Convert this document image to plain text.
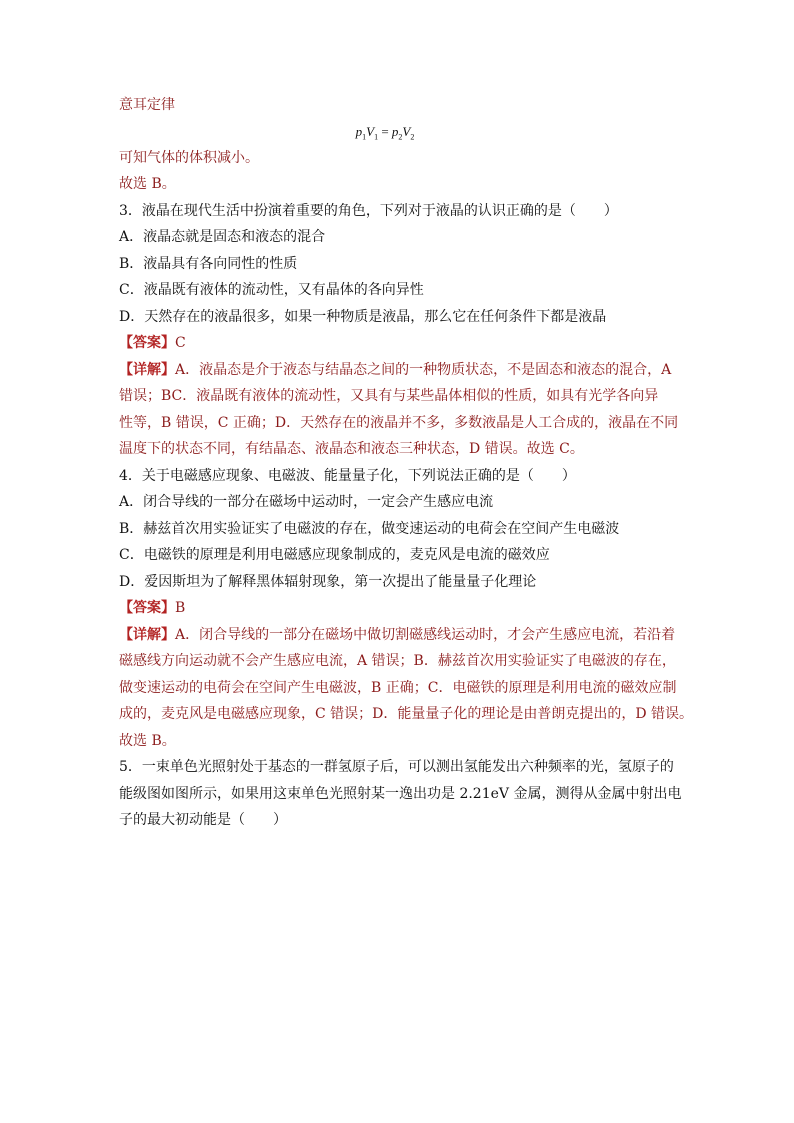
意耳定律
$p_1V_1 = p_2V_2$
可知气体的体积减小。
故选 B。
3．液晶在现代生活中扮演着重要的角色，下列对于液晶的认识正确的是（　　）
A．液晶态就是固态和液态的混合
B．液晶具有各向同性的性质
C．液晶既有液体的流动性，又有晶体的各向异性
D．天然存在的液晶很多，如果一种物质是液晶，那么它在任何条件下都是液晶
【答案】C
【详解】A．液晶态是介于液态与结晶态之间的一种物质状态，不是固态和液态的混合，A
错误；BC．液晶既有液体的流动性，又具有与某些晶体相似的性质，如具有光学各向异
性等，B 错误，C 正确；D．天然存在的液晶并不多，多数液晶是人工合成的，液晶在不同
温度下的状态不同，有结晶态、液晶态和液态三种状态，D 错误。故选 C。
4．关于电磁感应现象、电磁波、能量量子化，下列说法正确的是（　　）
A．闭合导线的一部分在磁场中运动时，一定会产生感应电流
B．赫兹首次用实验证实了电磁波的存在，做变速运动的电荷会在空间产生电磁波
C．电磁铁的原理是利用电磁感应现象制成的，麦克风是电流的磁效应
D．爱因斯坦为了解释黑体辐射现象，第一次提出了能量量子化理论
【答案】B
【详解】A．闭合导线的一部分在磁场中做切割磁感线运动时，才会产生感应电流，若沿着
磁感线方向运动就不会产生感应电流，A 错误；B．赫兹首次用实验证实了电磁波的存在，
做变速运动的电荷会在空间产生电磁波，B 正确；C．电磁铁的原理是利用电流的磁效应制
成的，麦克风是电磁感应现象，C 错误；D．能量量子化的理论是由普朗克提出的，D 错误。
故选 B。
5．一束单色光照射处于基态的一群氢原子后，可以测出氢能发出六种频率的光，氢原子的
能级图如图所示，如果用这束单色光照射某一逸出功是 2.21eV 金属，测得从金属中射出电
子的最大初动能是（　　）
